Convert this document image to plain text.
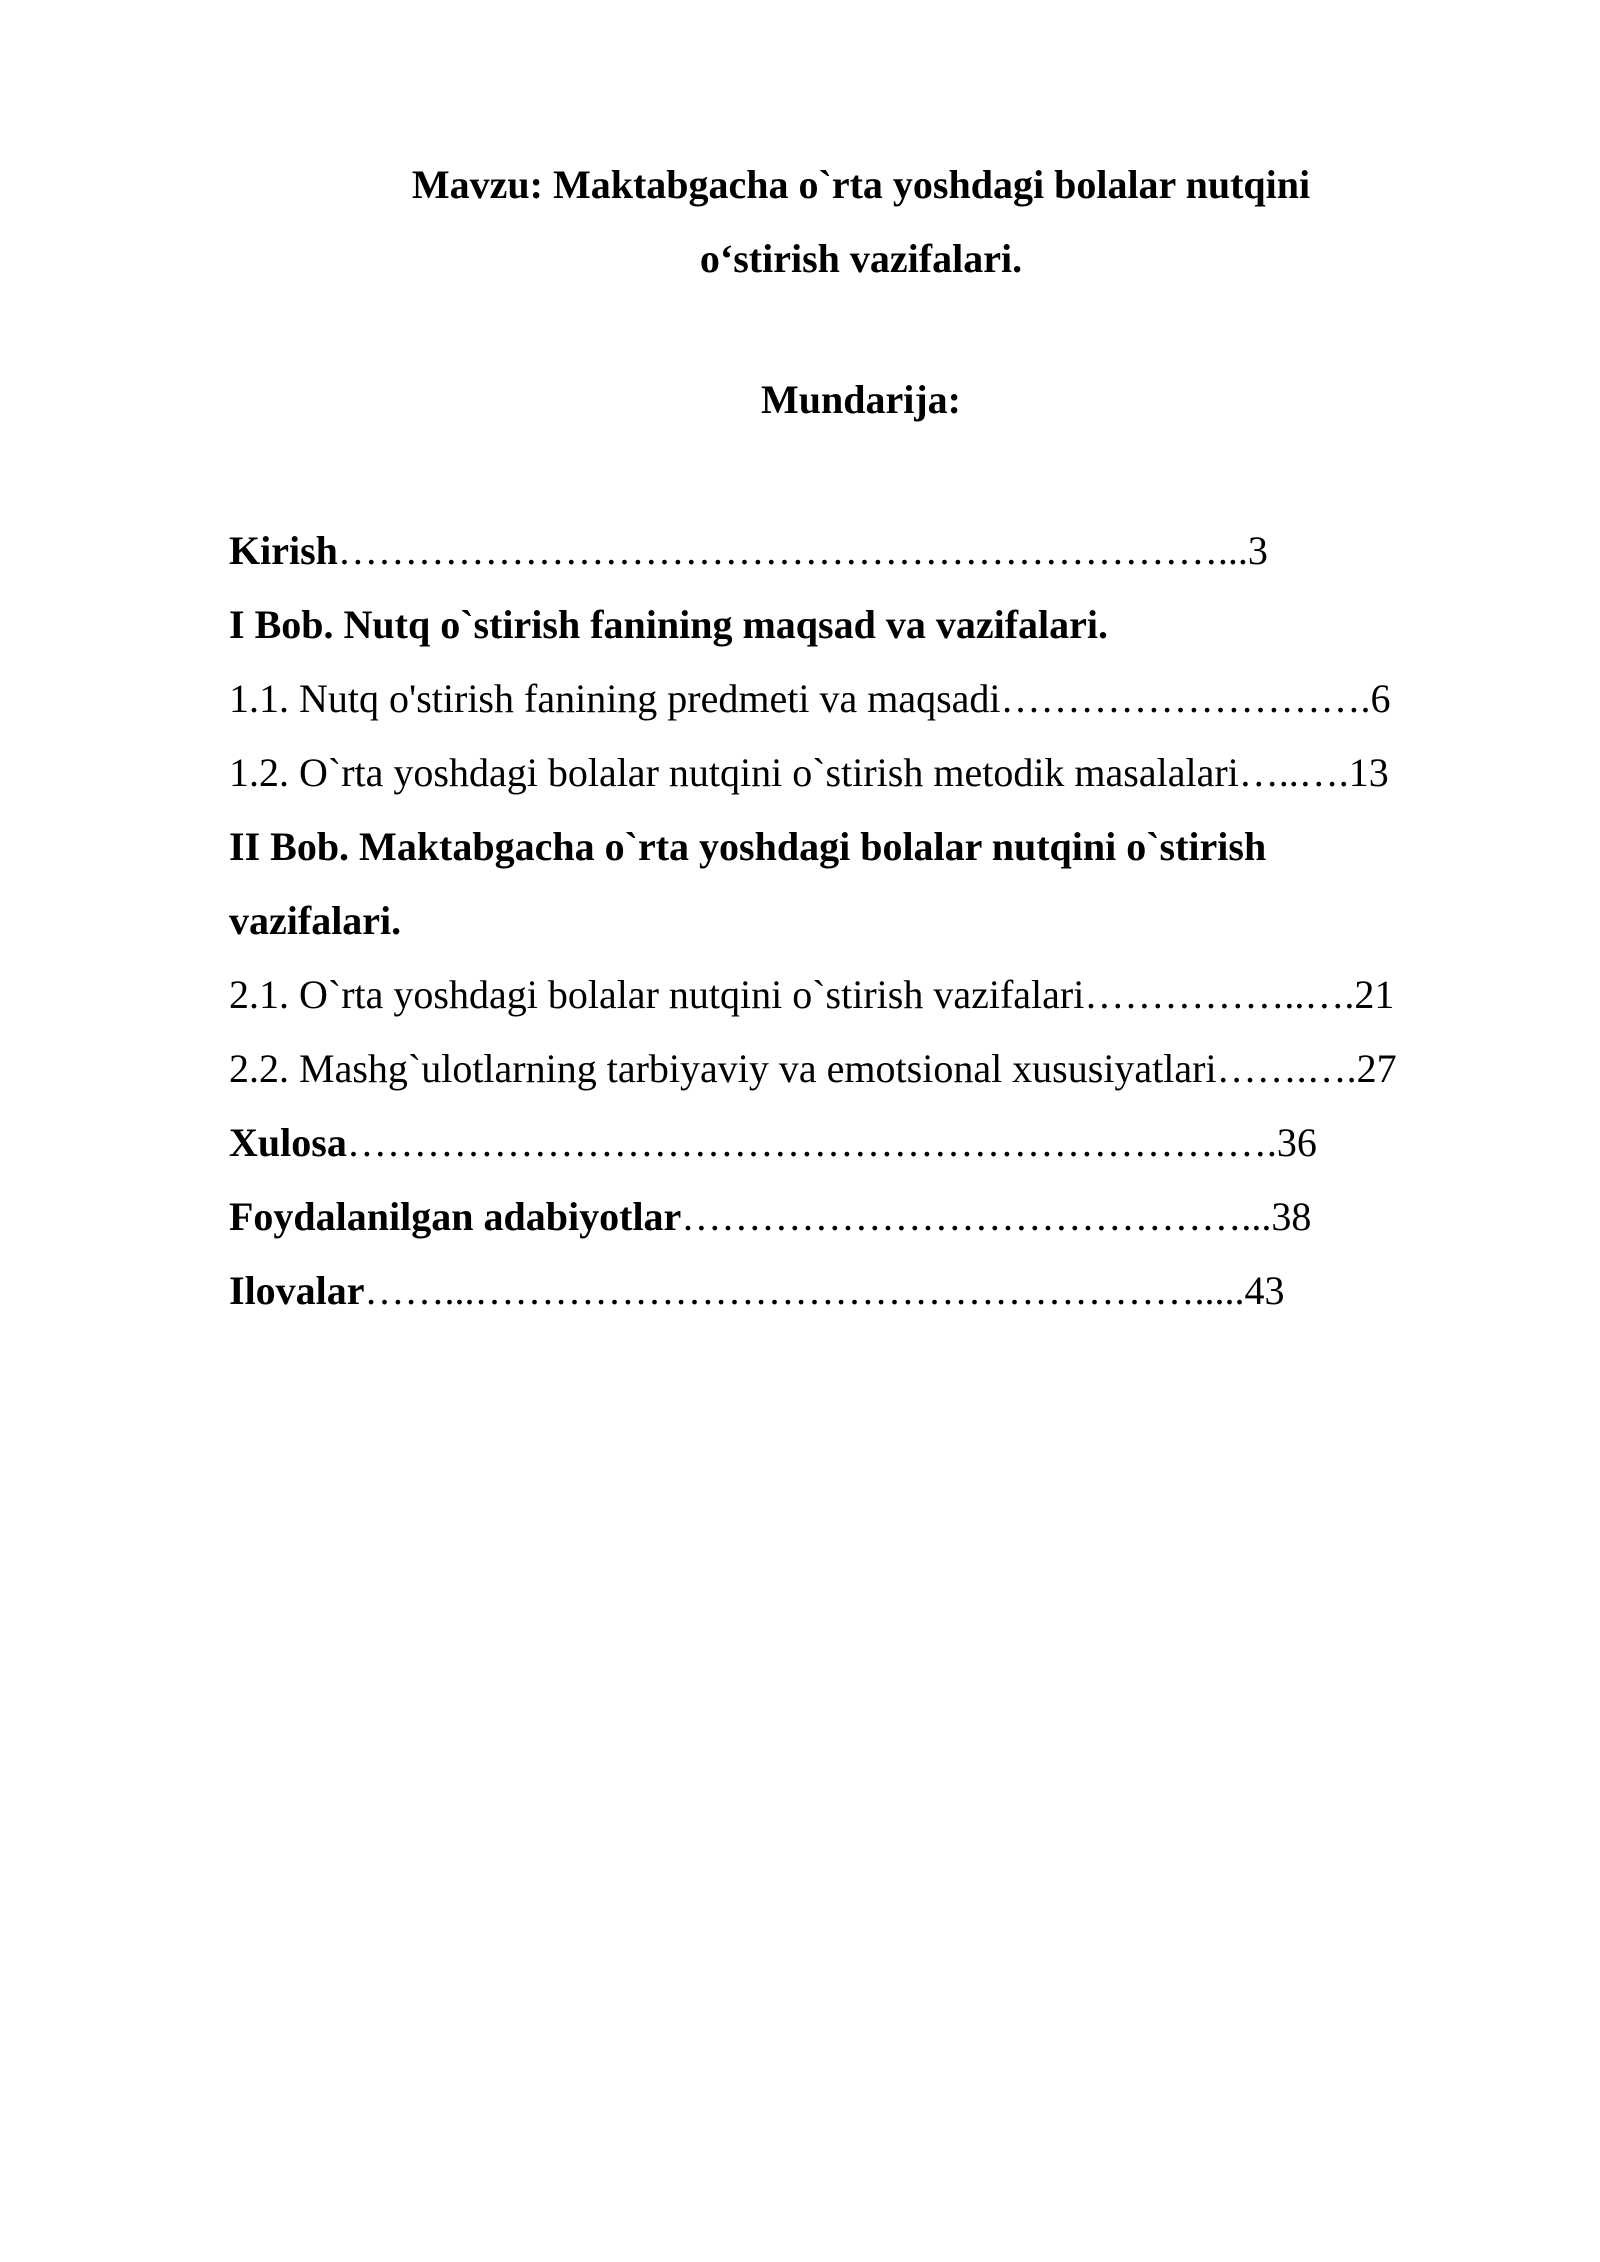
Mavzu: Maktabgacha o`rta yoshdagi bolalar nutqini
o‘stirish vazifalari.
Mundarija:
Kirish…………………………………………………………...3
I Bob. Nutq o`stirish fanining maqsad va vazifalari.
1.1. Nutq o'stirish fanining predmeti va maqsadi……………………….6
1.2. O`rta yoshdagi bolalar nutqini o`stirish metodik masalalari…..….13
II Bob. Maktabgacha o`rta yoshdagi bolalar nutqini o`stirish
vazifalari.
2.1. O`rta yoshdagi bolalar nutqini o`stirish vazifalari……………..….21
2.2. Mashg`ulotlarning tarbiyaviy va emotsional xususiyatlari…….….27
Xulosa…………………………………………………………….36
Foydalanilgan adabiyotlar……………………………………...38
Ilovalar……...……………………………………………….....43
